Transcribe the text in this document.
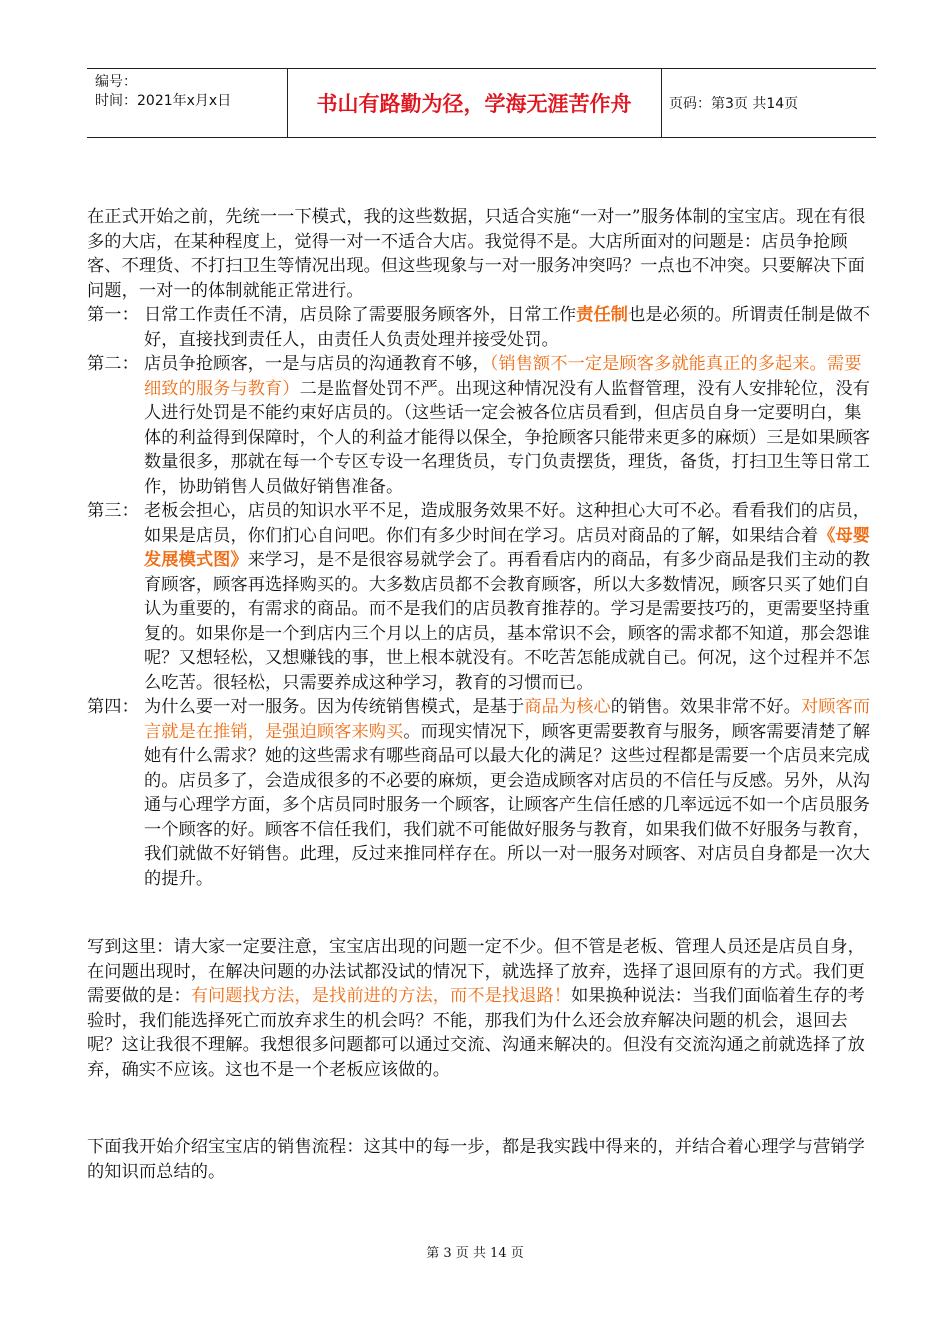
编号：
时间：2021年x月x日	书山有路勤为径，学海无涯苦作舟	页码：第3页 共14页

在正式开始之前，先统一一下模式，我的这些数据，只适合实施“一对一”服务体制的宝宝店。现在有很多的大店，在某种程度上，觉得一对一不适合大店。我觉得不是。大店所面对的问题是：店员争抢顾客、不理货、不打扫卫生等情况出现。但这些现象与一对一服务冲突吗？一点也不冲突。只要解决下面问题，一对一的体制就能正常进行。

第一： 日常工作责任不清，店员除了需要服务顾客外，日常工作责任制也是必须的。所谓责任制是做不好，直接找到责任人，由责任人负责处理并接受处罚。
第二： 店员争抢顾客，一是与店员的沟通教育不够，（销售额不一定是顾客多就能真正的多起来。需要细致的服务与教育）二是监督处罚不严。出现这种情况没有人监督管理，没有人安排轮位，没有人进行处罚是不能约束好店员的。（这些话一定会被各位店员看到，但店员自身一定要明白，集体的利益得到保障时，个人的利益才能得以保全，争抢顾客只能带来更多的麻烦）三是如果顾客数量很多，那就在每一个专区专设一名理货员，专门负责摆货，理货，备货，打扫卫生等日常工作，协助销售人员做好销售准备。
第三： 老板会担心，店员的知识水平不足，造成服务效果不好。这种担心大可不必。看看我们的店员，如果是店员，你们扪心自问吧。你们有多少时间在学习。店员对商品的了解，如果结合着《母婴发展模式图》来学习，是不是很容易就学会了。再看看店内的商品，有多少商品是我们主动的教育顾客，顾客再选择购买的。大多数店员都不会教育顾客，所以大多数情况，顾客只买了她们自认为重要的，有需求的商品。而不是我们的店员教育推荐的。学习是需要技巧的，更需要坚持重复的。如果你是一个到店内三个月以上的店员，基本常识不会，顾客的需求都不知道，那会怨谁呢？又想轻松，又想赚钱的事，世上根本就没有。不吃苦怎能成就自己。何况，这个过程并不怎么吃苦。很轻松，只需要养成这种学习，教育的习惯而已。
第四： 为什么要一对一服务。因为传统销售模式，是基于商品为核心的销售。效果非常不好。对顾客而言就是在推销，是强迫顾客来购买。而现实情况下，顾客更需要教育与服务，顾客需要清楚了解她有什么需求？她的这些需求有哪些商品可以最大化的满足？这些过程都是需要一个店员来完成的。店员多了，会造成很多的不必要的麻烦，更会造成顾客对店员的不信任与反感。另外，从沟通与心理学方面，多个店员同时服务一个顾客，让顾客产生信任感的几率远远不如一个店员服务一个顾客的好。顾客不信任我们，我们就不可能做好服务与教育，如果我们做不好服务与教育，我们就做不好销售。此理，反过来推同样存在。所以一对一服务对顾客、对店员自身都是一次大的提升。

写到这里：请大家一定要注意，宝宝店出现的问题一定不少。但不管是老板、管理人员还是店员自身，在问题出现时，在解决问题的办法试都没试的情况下，就选择了放弃，选择了退回原有的方式。我们更需要做的是：有问题找方法，是找前进的方法，而不是找退路！如果换种说法：当我们面临着生存的考验时，我们能选择死亡而放弃求生的机会吗？不能，那我们为什么还会放弃解决问题的机会，退回去呢？这让我很不理解。我想很多问题都可以通过交流、沟通来解决的。但没有交流沟通之前就选择了放弃，确实不应该。这也不是一个老板应该做的。

下面我开始介绍宝宝店的销售流程：这其中的每一步，都是我实践中得来的，并结合着心理学与营销学的知识而总结的。

第 3 页 共 14 页
